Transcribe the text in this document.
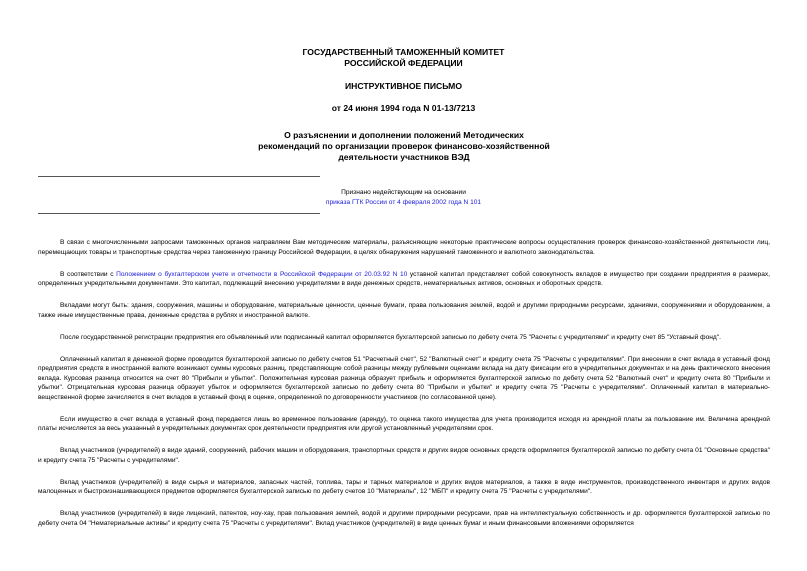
ГОСУДАРСТВЕННЫЙ ТАМОЖЕННЫЙ КОМИТЕТ
РОССИЙСКОЙ ФЕДЕРАЦИИ
ИНСТРУКТИВНОЕ ПИСЬМО
от 24 июня 1994 года N 01-13/7213
О разъяснении и дополнении положений Методических
рекомендаций по организации проверок финансово-хозяйственной
деятельности участников ВЭД
Признано недействующим на основании
приказа ГТК России от 4 февраля 2002 года N 101

В связи с многочисленными запросами таможенных органов направляем Вам методические материалы, разъясняющие некоторые практические вопросы осуществления проверок финансово-хозяйственной деятельности лиц, перемещающих товары и транспортные средства через таможенную границу Российской Федерации, в целях обнаружения нарушений таможенного и валютного законодательства.

В соответствии с Положением о бухгалтерском учете и отчетности в Российской Федерации от 20.03.92 N 10 уставной капитал представляет собой совокупность вкладов в имущество при создании предприятия в размерах, определенных учредительными документами. Это капитал, подлежащий внесению учредителями в виде денежных средств, нематериальных активов, основных и оборотных средств.

Вкладами могут быть: здания, сооружения, машины и оборудование, материальные ценности, ценные бумаги, права пользования землей, водой и другими природными ресурсами, зданиями, сооружениями и оборудованием, а также иные имущественные права, денежные средства в рублях и иностранной валюте.

После государственной регистрации предприятия его объявленный или подписанный капитал оформляется бухгалтерской записью по дебету счета 75 "Расчеты с учредителями" и кредиту счет 85 "Уставный фонд".

Оплаченный капитал в денежной форме проводится бухгалтерской записью по дебету счетов 51 "Расчетный счет", 52 "Валютный счет" и кредиту счета 75 "Расчеты с учредителями". При внесении в счет вклада в уставный фонд предприятия средств в иностранной валюте возникают суммы курсовых разниц, представляющие собой разницы между рублевыми оценками вклада на дату фиксации его в учредительных документах и на день фактического внесения вклада. Курсовая разница относится на счет 80 "Прибыли и убытки". Положительная курсовая разница образует прибыль и оформляется бухгалтерской записью по дебету счета 52 "Валютный счет" и кредиту счета 80 "Прибыли и убытки". Отрицательная курсовая разница образует убыток и оформляется бухгалтерской записью по дебету счета 80 "Прибыли и убытки" и кредиту счета 75 "Расчеты с учредителями". Оплаченный капитал в материально-вещественной форме зачисляется в счет вкладов в уставный фонд в оценке, определенной по договоренности участников (по согласованной цене).

Если имущество в счет вклада в уставный фонд передается лишь во временное пользование (аренду), то оценка такого имущества для учета производится исходя из арендной платы за пользование им. Величина арендной платы исчисляется за весь указанный в учредительных документах срок деятельности предприятия или другой установленный учредителями срок.

Вклад участников (учредителей) в виде зданий, сооружений, рабочих машин и оборудования, транспортных средств и других видов основных средств оформляется бухгалтерской записью по дебету счета 01 "Основные средства" и кредиту счета 75 "Расчеты с учредителями".

Вклад участников (учредителей) в виде сырья и материалов, запасных частей, топлива, тары и тарных материалов и других видов материалов, а также в виде инструментов, производственного инвентаря и других видов малоценных и быстроизнашивающихся предметов оформляется бухгалтерской записью по дебету счетов 10 "Материалы", 12 "МБП" и кредиту счета 75 "Расчеты с учредителями".

Вклад участников (учредителей) в виде лицензий, патентов, ноу-хау, прав пользования землей, водой и другими природными ресурсами, прав на интеллектуальную собственность и др. оформляется бухгалтерской записью по дебету счета 04 "Нематериальные активы" и кредиту счета 75 "Расчеты с учредителями". Вклад участников (учредителей) в виде ценных бумаг и иным финансовыми вложениями оформляется
